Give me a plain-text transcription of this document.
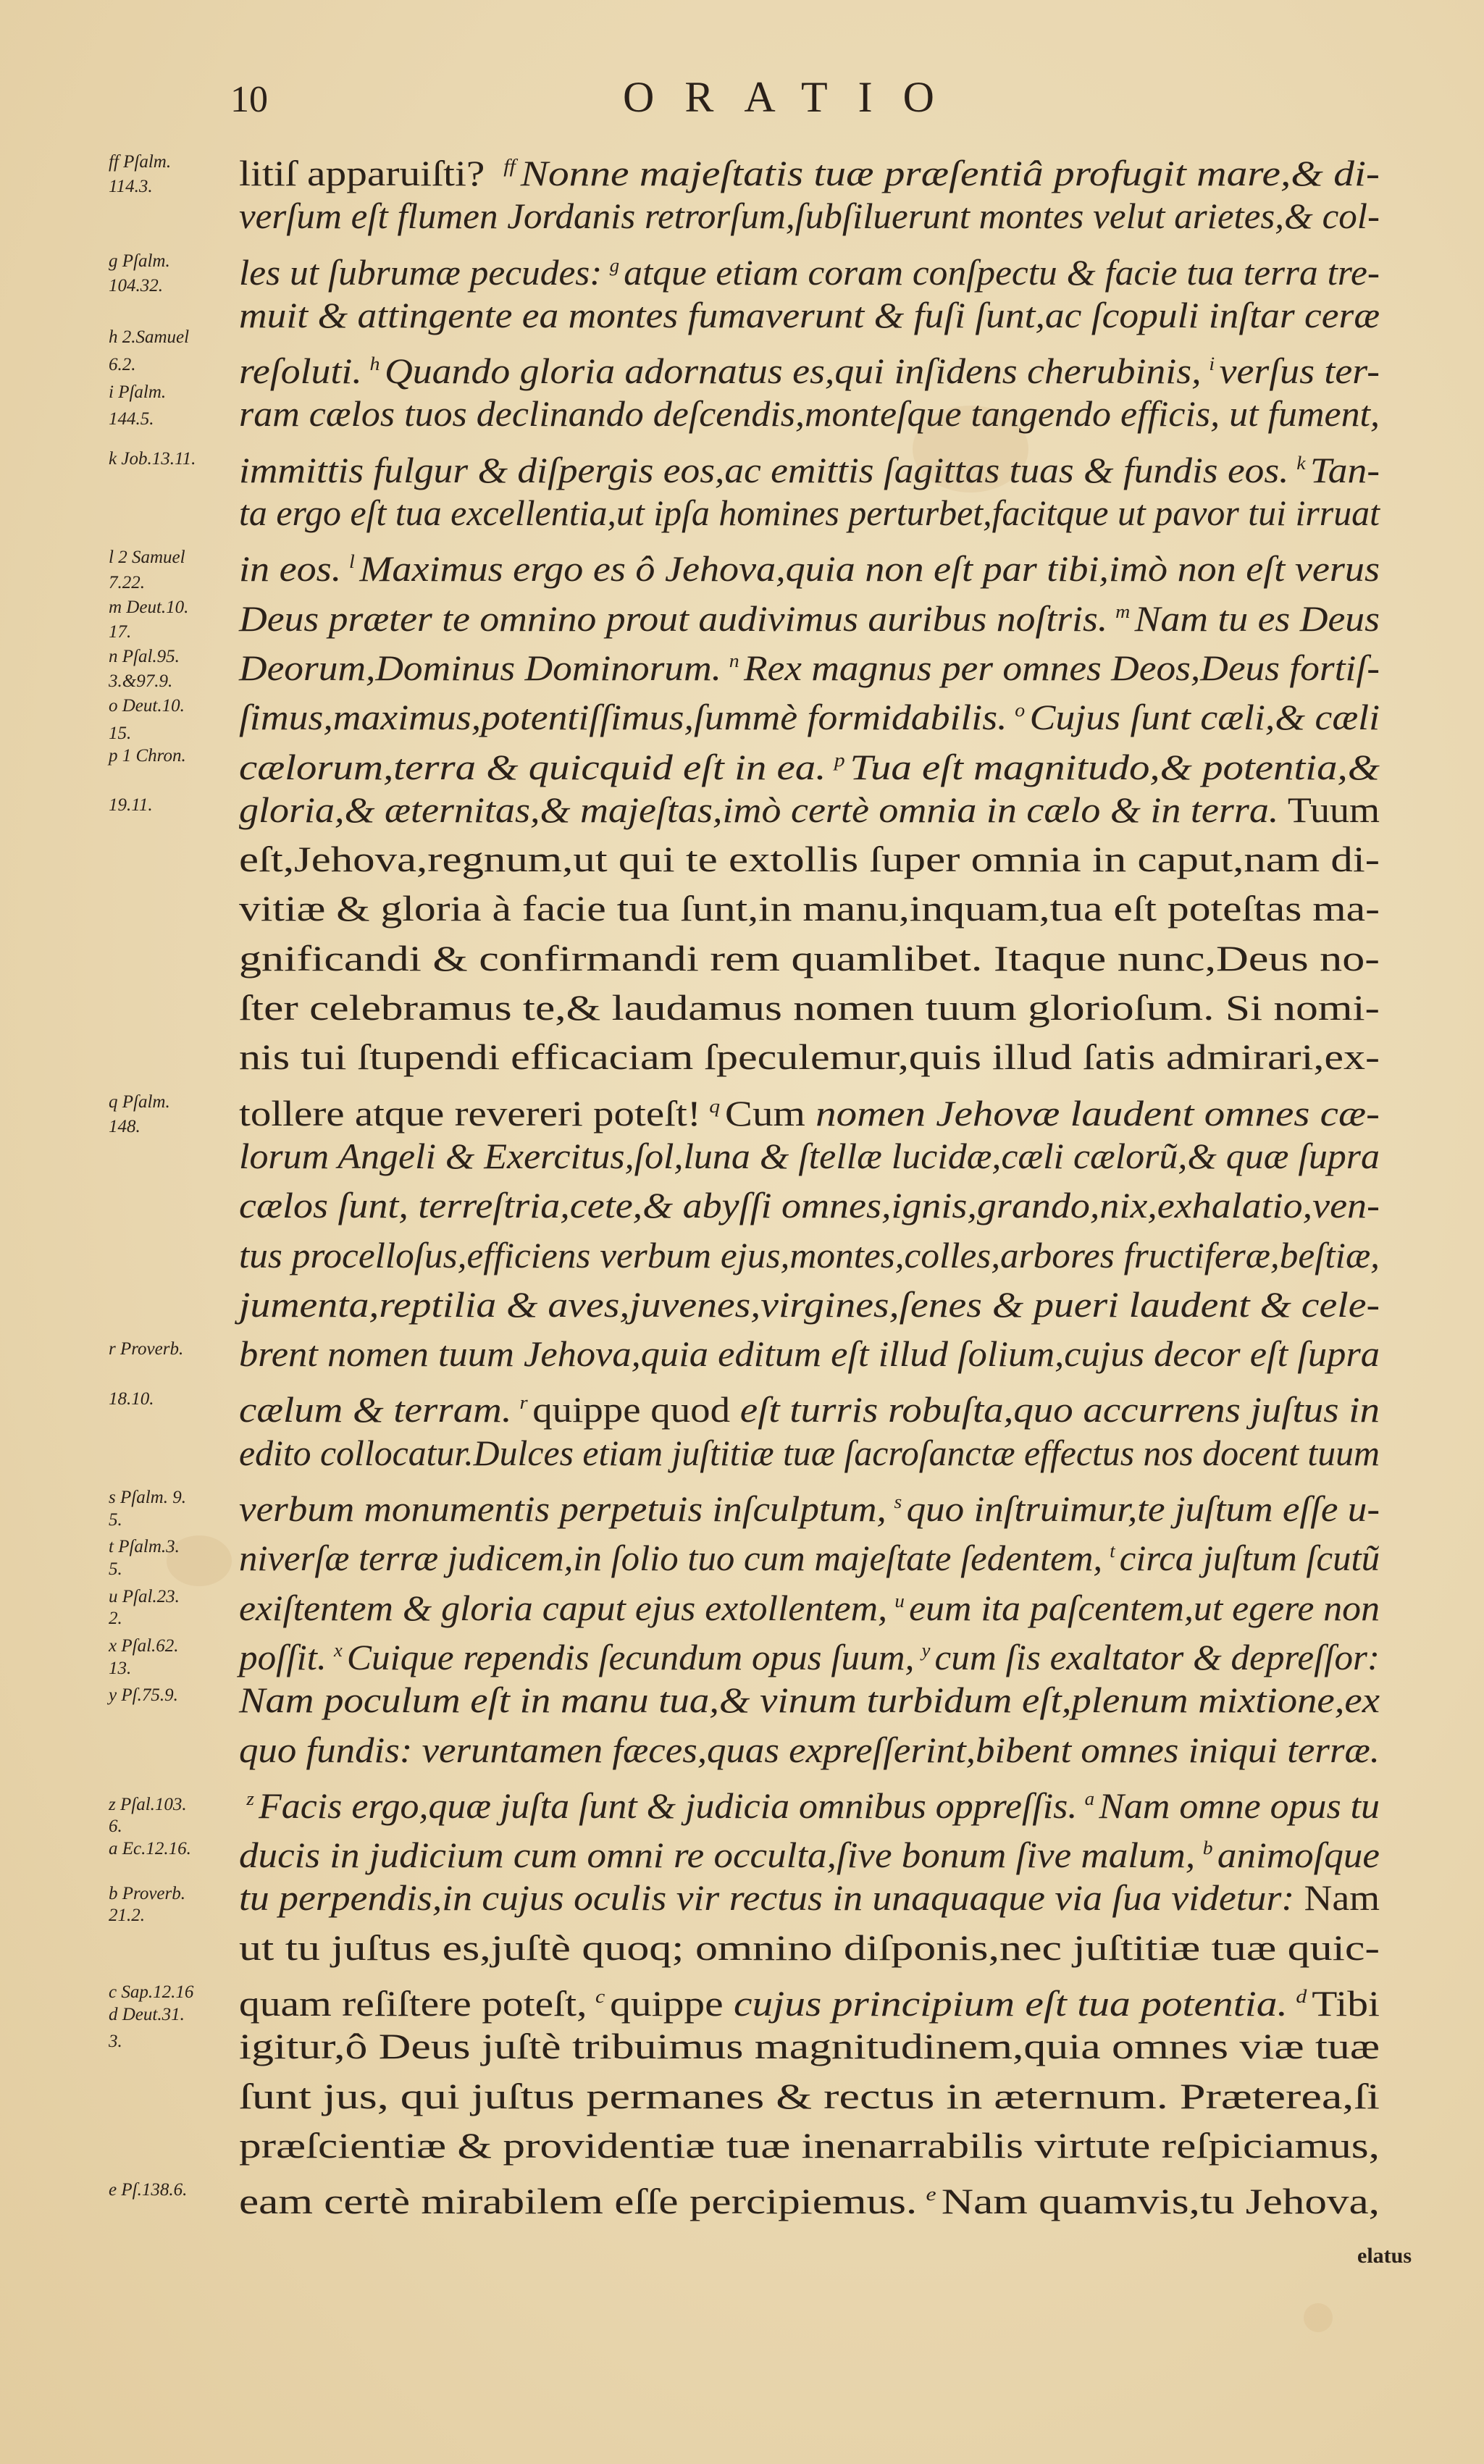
10	ORATIO
ff Pſalm.
114.3.
g Pſalm.
104.32.
h 2.Samuel
6.2.
i Pſalm.
144.5.
k Job.13.11.
l 2 Samuel
7.22.
m Deut.10.
17.
n Pſal.95.
3.&97.9.
o Deut.10.
15.
p 1 Chron.
19.11.
q Pſalm.
148.
r Proverb.
18.10.
s Pſalm. 9.
5.
t Pſalm.3.
5.
u Pſal.23.
2.
x Pſal.62.
13.
y Pſ.75.9.
z Pſal.103.
6.
a Ec.12.16.
b Proverb.
21.2.
c Sap.12.16
d Deut.31.
3.
e Pſ.138.6.
litiſ apparuiſti? $^{ff}$ Nonne majeſtatis tuæ præſentiâ profugit mare,& di-
verſum eſt flumen Jordanis retrorſum,ſubſiluerunt montes velut arietes,& col-
les ut ſubrumæ pecudes: $^g$ atque etiam coram conſpectu & facie tua terra tre-
muit & attingente ea montes fumaverunt & fuſi ſunt,ac ſcopuli inſtar ceræ
reſoluti. $^h$ Quando gloria adornatus es,qui inſidens cherubinis, $^i$ verſus ter-
ram cælos tuos declinando deſcendis,monteſque tangendo efficis, ut fument,
immittis fulgur & diſpergis eos,ac emittis ſagittas tuas & fundis eos. $^k$ Tan-
ta ergo eſt tua excellentia,ut ipſa homines perturbet,facitque ut pavor tui irruat
in eos. $^l$ Maximus ergo es ô Jehova,quia non eſt par tibi,imò non eſt verus
Deus præter te omnino prout audivimus auribus noſtris. $^m$ Nam tu es Deus
Deorum,Dominus Dominorum. $^n$ Rex magnus per omnes Deos,Deus fortiſ-
ſimus,maximus,potentiſſimus,ſummè formidabilis. $^o$ Cujus ſunt cæli,& cæli
cælorum,terra & quicquid eſt in ea. $^p$ Tua eſt magnitudo,& potentia,&
gloria,& æternitas,& majeſtas,imò certè omnia in cælo & in terra. Tuum
eſt,Jehova,regnum,ut qui te extollis ſuper omnia in caput,nam di-
vitiæ & gloria à facie tua ſunt,in manu,inquam,tua eſt poteſtas ma-
gnificandi & confirmandi rem quamlibet. Itaque nunc,Deus no-
ſter celebramus te,& laudamus nomen tuum glorioſum. Si nomi-
nis tui ſtupendi efficaciam ſpeculemur,quis illud ſatis admirari,ex-
tollere atque revereri poteſt! $^q$ Cum nomen Jehovæ laudent omnes cæ-
lorum Angeli & Exercitus,ſol,luna & ſtellæ lucidæ,cæli cælorũ,& quæ ſupra
cælos ſunt, terreſtria,cete,& abyſſi omnes,ignis,grando,nix,exhalatio,ven-
tus procelloſus,efficiens verbum ejus,montes,colles,arbores fructiferæ,beſtiæ,
jumenta,reptilia & aves,juvenes,virgines,ſenes & pueri laudent & cele-
brent nomen tuum Jehova,quia editum eſt illud ſolium,cujus decor eſt ſupra
cælum & terram. $^r$ quippe quod eſt turris robuſta,quo accurrens juſtus in
edito collocatur.Dulces etiam juſtitiæ tuæ ſacroſanctæ effectus nos docent tuum
verbum monumentis perpetuis inſculptum, $^s$ quo inſtruimur,te juſtum eſſe u-
niverſæ terræ judicem,in ſolio tuo cum majeſtate ſedentem, $^t$ circa juſtum ſcutũ
exiſtentem & gloria caput ejus extollentem, $^u$ eum ita paſcentem,ut egere non
poſſit. $^x$ Cuique rependis ſecundum opus ſuum, $^y$ cum ſis exaltator & depreſſor:
Nam poculum eſt in manu tua,& vinum turbidum eſt,plenum mixtione,ex
quo fundis: veruntamen fæces,quas expreſſerint,bibent omnes iniqui terræ.
$^z$ Facis ergo,quæ juſta ſunt & judicia omnibus oppreſſis. $^a$ Nam omne opus tu
ducis in judicium cum omni re occulta,ſive bonum ſive malum, $^b$ animoſque
tu perpendis,in cujus oculis vir rectus in unaquaque via ſua videtur: Nam
ut tu juſtus es,juſtè quoq; omnino diſponis,nec juſtitiæ tuæ quic-
quam reſiſtere poteſt, $^c$ quippe cujus principium eſt tua potentia. $^d$ Tibi
igitur,ô Deus juſtè tribuimus magnitudinem,quia omnes viæ tuæ
ſunt jus, qui juſtus permanes & rectus in æternum. Præterea,ſi
præſcientiæ & providentiæ tuæ inenarrabilis virtute reſpiciamus,
eam certè mirabilem eſſe percipiemus. $^e$ Nam quamvis,tu Jehova,
elatus
